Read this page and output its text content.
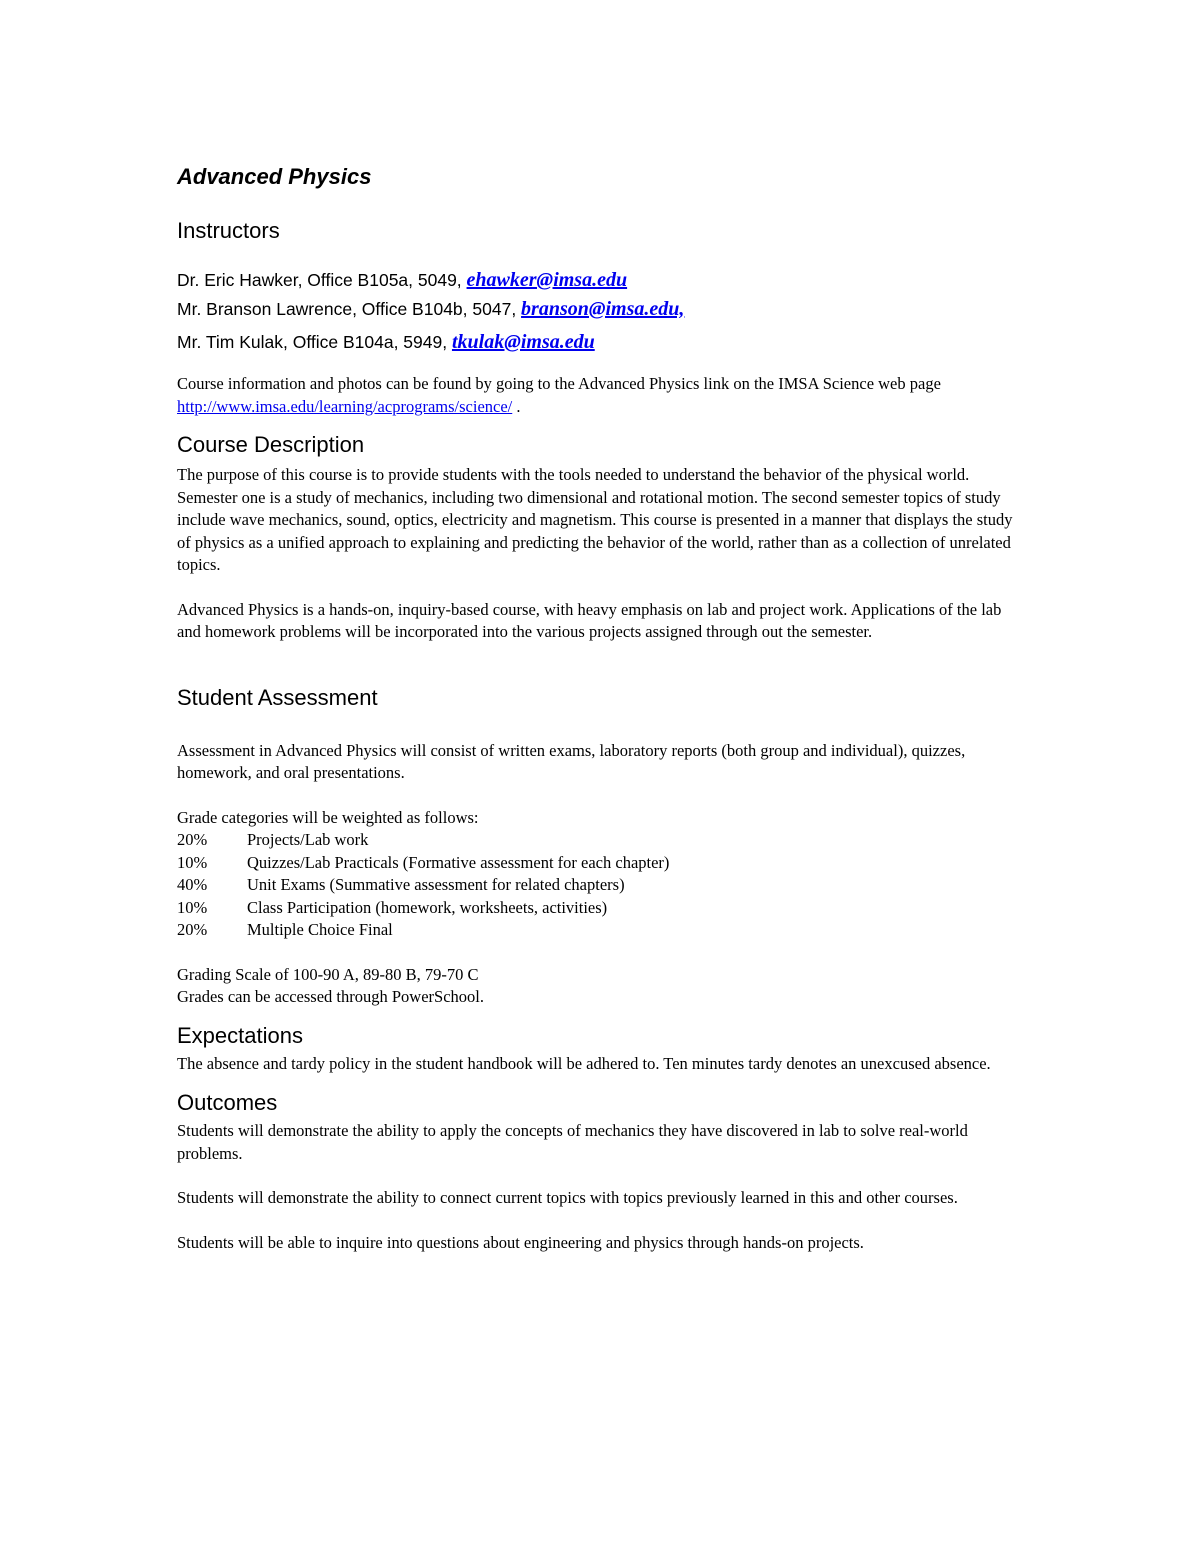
Advanced Physics
Instructors
Dr. Eric Hawker, Office B105a, 5049, ehawker@imsa.edu
Mr. Branson Lawrence, Office B104b, 5047, branson@imsa.edu,
Mr. Tim Kulak, Office B104a, 5949, tkulak@imsa.edu

Course information and photos can be found by going to the Advanced Physics link on the IMSA Science web page http://www.imsa.edu/learning/acprograms/science/ .

Course Description

The purpose of this course is to provide students with the tools needed to understand the behavior of the physical world. Semester one is a study of mechanics, including two dimensional and rotational motion. The second semester topics of study include wave mechanics, sound, optics, electricity and magnetism. This course is presented in a manner that displays the study of physics as a unified approach to explaining and predicting the behavior of the world, rather than as a collection of unrelated topics.

Advanced Physics is a hands-on, inquiry-based course, with heavy emphasis on lab and project work. Applications of the lab and homework problems will be incorporated into the various projects assigned through out the semester.

Student Assessment

Assessment in Advanced Physics will consist of written exams, laboratory reports (both group and individual), quizzes, homework, and oral presentations.

Grade categories will be weighted as follows:

20%	Projects/Lab work
10%	Quizzes/Lab Practicals (Formative assessment for each chapter)
40%	Unit Exams (Summative assessment for related chapters)
10%	Class Participation (homework, worksheets, activities)
20%	Multiple Choice Final

Grading Scale of 100-90 A, 89-80 B, 79-70 C

Grades can be accessed through PowerSchool.

Expectations

The absence and tardy policy in the student handbook will be adhered to. Ten minutes tardy denotes an unexcused absence.

Outcomes

Students will demonstrate the ability to apply the concepts of mechanics they have discovered in lab to solve real-world problems.

Students will demonstrate the ability to connect current topics with topics previously learned in this and other courses.

Students will be able to inquire into questions about engineering and physics through hands-on projects.
